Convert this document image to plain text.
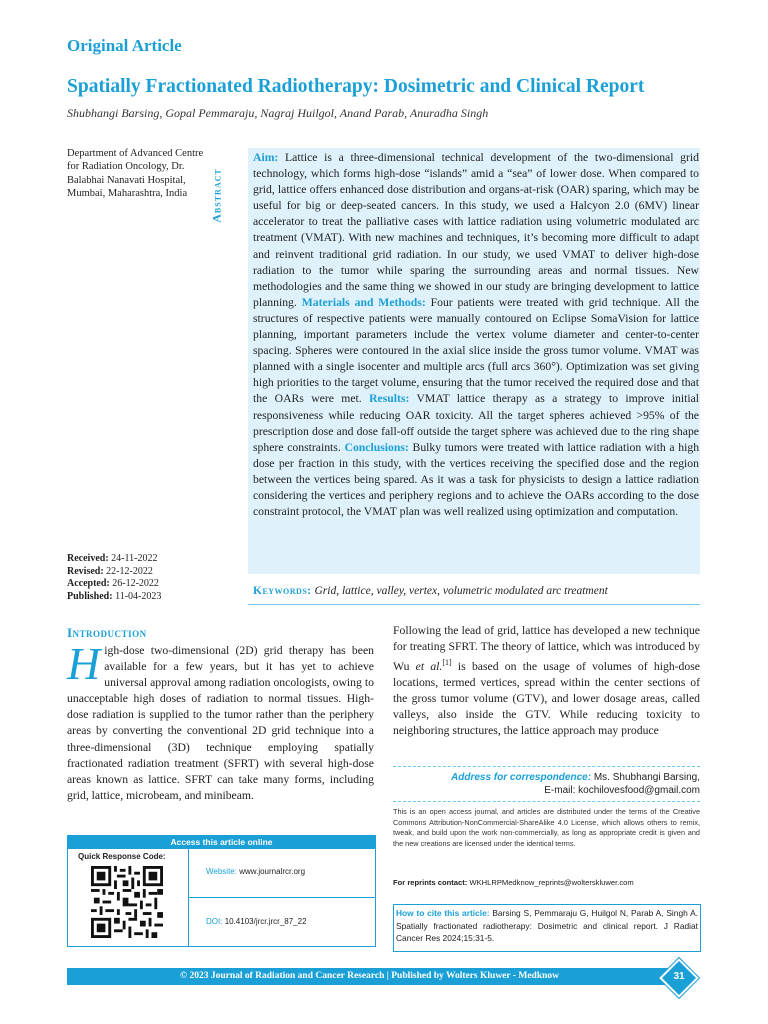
Original Article
Spatially Fractionated Radiotherapy: Dosimetric and Clinical Report
Shubhangi Barsing, Gopal Pemmaraju, Nagraj Huilgol, Anand Parab, Anuradha Singh
Department of Advanced Centre for Radiation Oncology, Dr. Balabhai Nanavati Hospital, Mumbai, Maharashtra, India
Received: 24-11-2022
Revised: 22-12-2022
Accepted: 26-12-2022
Published: 11-04-2023
Abstract
Aim: Lattice is a three-dimensional technical development of the two-dimensional grid technology, which forms high-dose “islands” amid a “sea” of lower dose. When compared to grid, lattice offers enhanced dose distribution and organs-at-risk (OAR) sparing, which may be useful for big or deep-seated cancers. In this study, we used a Halcyon 2.0 (6MV) linear accelerator to treat the palliative cases with lattice radiation using volumetric modulated arc treatment (VMAT). With new machines and techniques, it’s becoming more difficult to adapt and reinvent traditional grid radiation. In our study, we used VMAT to deliver high-dose radiation to the tumor while sparing the surrounding areas and normal tissues. New methodologies and the same thing we showed in our study are bringing development to lattice planning. Materials and Methods: Four patients were treated with grid technique. All the structures of respective patients were manually contoured on Eclipse SomaVision for lattice planning, important parameters include the vertex volume diameter and center-to-center spacing. Spheres were contoured in the axial slice inside the gross tumor volume. VMAT was planned with a single isocenter and multiple arcs (full arcs 360°). Optimization was set giving high priorities to the target volume, ensuring that the tumor received the required dose and that the OARs were met. Results: VMAT lattice therapy as a strategy to improve initial responsiveness while reducing OAR toxicity. All the target spheres achieved >95% of the prescription dose and dose fall-off outside the target sphere was achieved due to the ring shape sphere constraints. Conclusions: Bulky tumors were treated with lattice radiation with a high dose per fraction in this study, with the vertices receiving the specified dose and the region between the vertices being spared. As it was a task for physicists to design a lattice radiation considering the vertices and periphery regions and to achieve the OARs according to the dose constraint protocol, the VMAT plan was well realized using optimization and computation.
Keywords: Grid, lattice, valley, vertex, volumetric modulated arc treatment
Introduction
High-dose two-dimensional (2D) grid therapy has been available for a few years, but it has yet to achieve universal approval among radiation oncologists, owing to unacceptable high doses of radiation to normal tissues. High-dose radiation is supplied to the tumor rather than the periphery areas by converting the conventional 2D grid technique into a three-dimensional (3D) technique employing spatially fractionated radiation treatment (SFRT) with several high-dose areas known as lattice. SFRT can take many forms, including grid, lattice, microbeam, and minibeam.
Following the lead of grid, lattice has developed a new technique for treating SFRT. The theory of lattice, which was introduced by Wu et al.[1] is based on the usage of volumes of high-dose locations, termed vertices, spread within the center sections of the gross tumor volume (GTV), and lower dosage areas, called valleys, also inside the GTV. While reducing toxicity to neighboring structures, the lattice approach may produce
Address for correspondence: Ms. Shubhangi Barsing,
E-mail: kochilovesfood@gmail.com
This is an open access journal, and articles are distributed under the terms of the Creative Commons Attribution-NonCommercial-ShareAlike 4.0 License, which allows others to remix, tweak, and build upon the work non-commercially, as long as appropriate credit is given and the new creations are licensed under the identical terms.
For reprints contact: WKHLRPMedknow_reprints@wolterskluwer.com
How to cite this article: Barsing S, Pemmaraju G, Huilgol N, Parab A, Singh A. Spatially fractionated radiotherapy: Dosimetric and clinical report. J Radiat Cancer Res 2024;15:31-5.
Access this article online
Quick Response Code:
Website: www.journalrcr.org
DOI: 10.4103/jrcr.jrcr_87_22
© 2023 Journal of Radiation and Cancer Research | Published by Wolters Kluwer - Medknow	31
